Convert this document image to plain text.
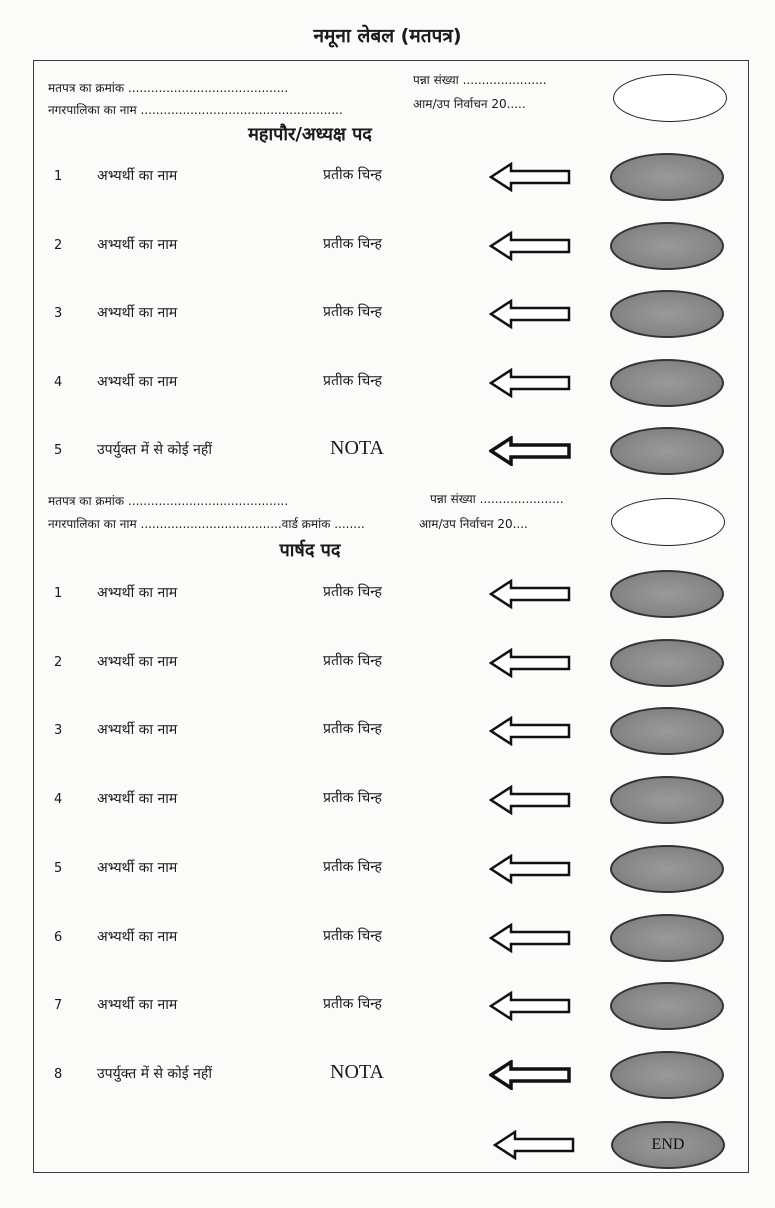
नमूना लेबल (मतपत्र)
मतपत्र का क्रमांक ..........................................
पन्ना संख्या ......................
नगरपालिका का नाम .....................................................	आम/उप निर्वाचन 20.....
महापौर/अध्यक्ष पद
1 अभ्यर्थी का नाम	प्रतीक चिन्ह
2 अभ्यर्थी का नाम	प्रतीक चिन्ह
3 अभ्यर्थी का नाम	प्रतीक चिन्ह
4 अभ्यर्थी का नाम	प्रतीक चिन्ह
5 उपर्युक्त में से कोई नहीं	NOTA
मतपत्र का क्रमांक ..........................................	पन्ना संख्या ......................
नगरपालिका का नाम .....................................वार्ड क्रमांक ........	आम/उप निर्वाचन 20....
पार्षद पद
1 अभ्यर्थी का नाम	प्रतीक चिन्ह
2 अभ्यर्थी का नाम	प्रतीक चिन्ह
3 अभ्यर्थी का नाम	प्रतीक चिन्ह
4 अभ्यर्थी का नाम	प्रतीक चिन्ह
5 अभ्यर्थी का नाम	प्रतीक चिन्ह
6 अभ्यर्थी का नाम	प्रतीक चिन्ह
7 अभ्यर्थी का नाम	प्रतीक चिन्ह
8 उपर्युक्त में से कोई नहीं	NOTA
END
